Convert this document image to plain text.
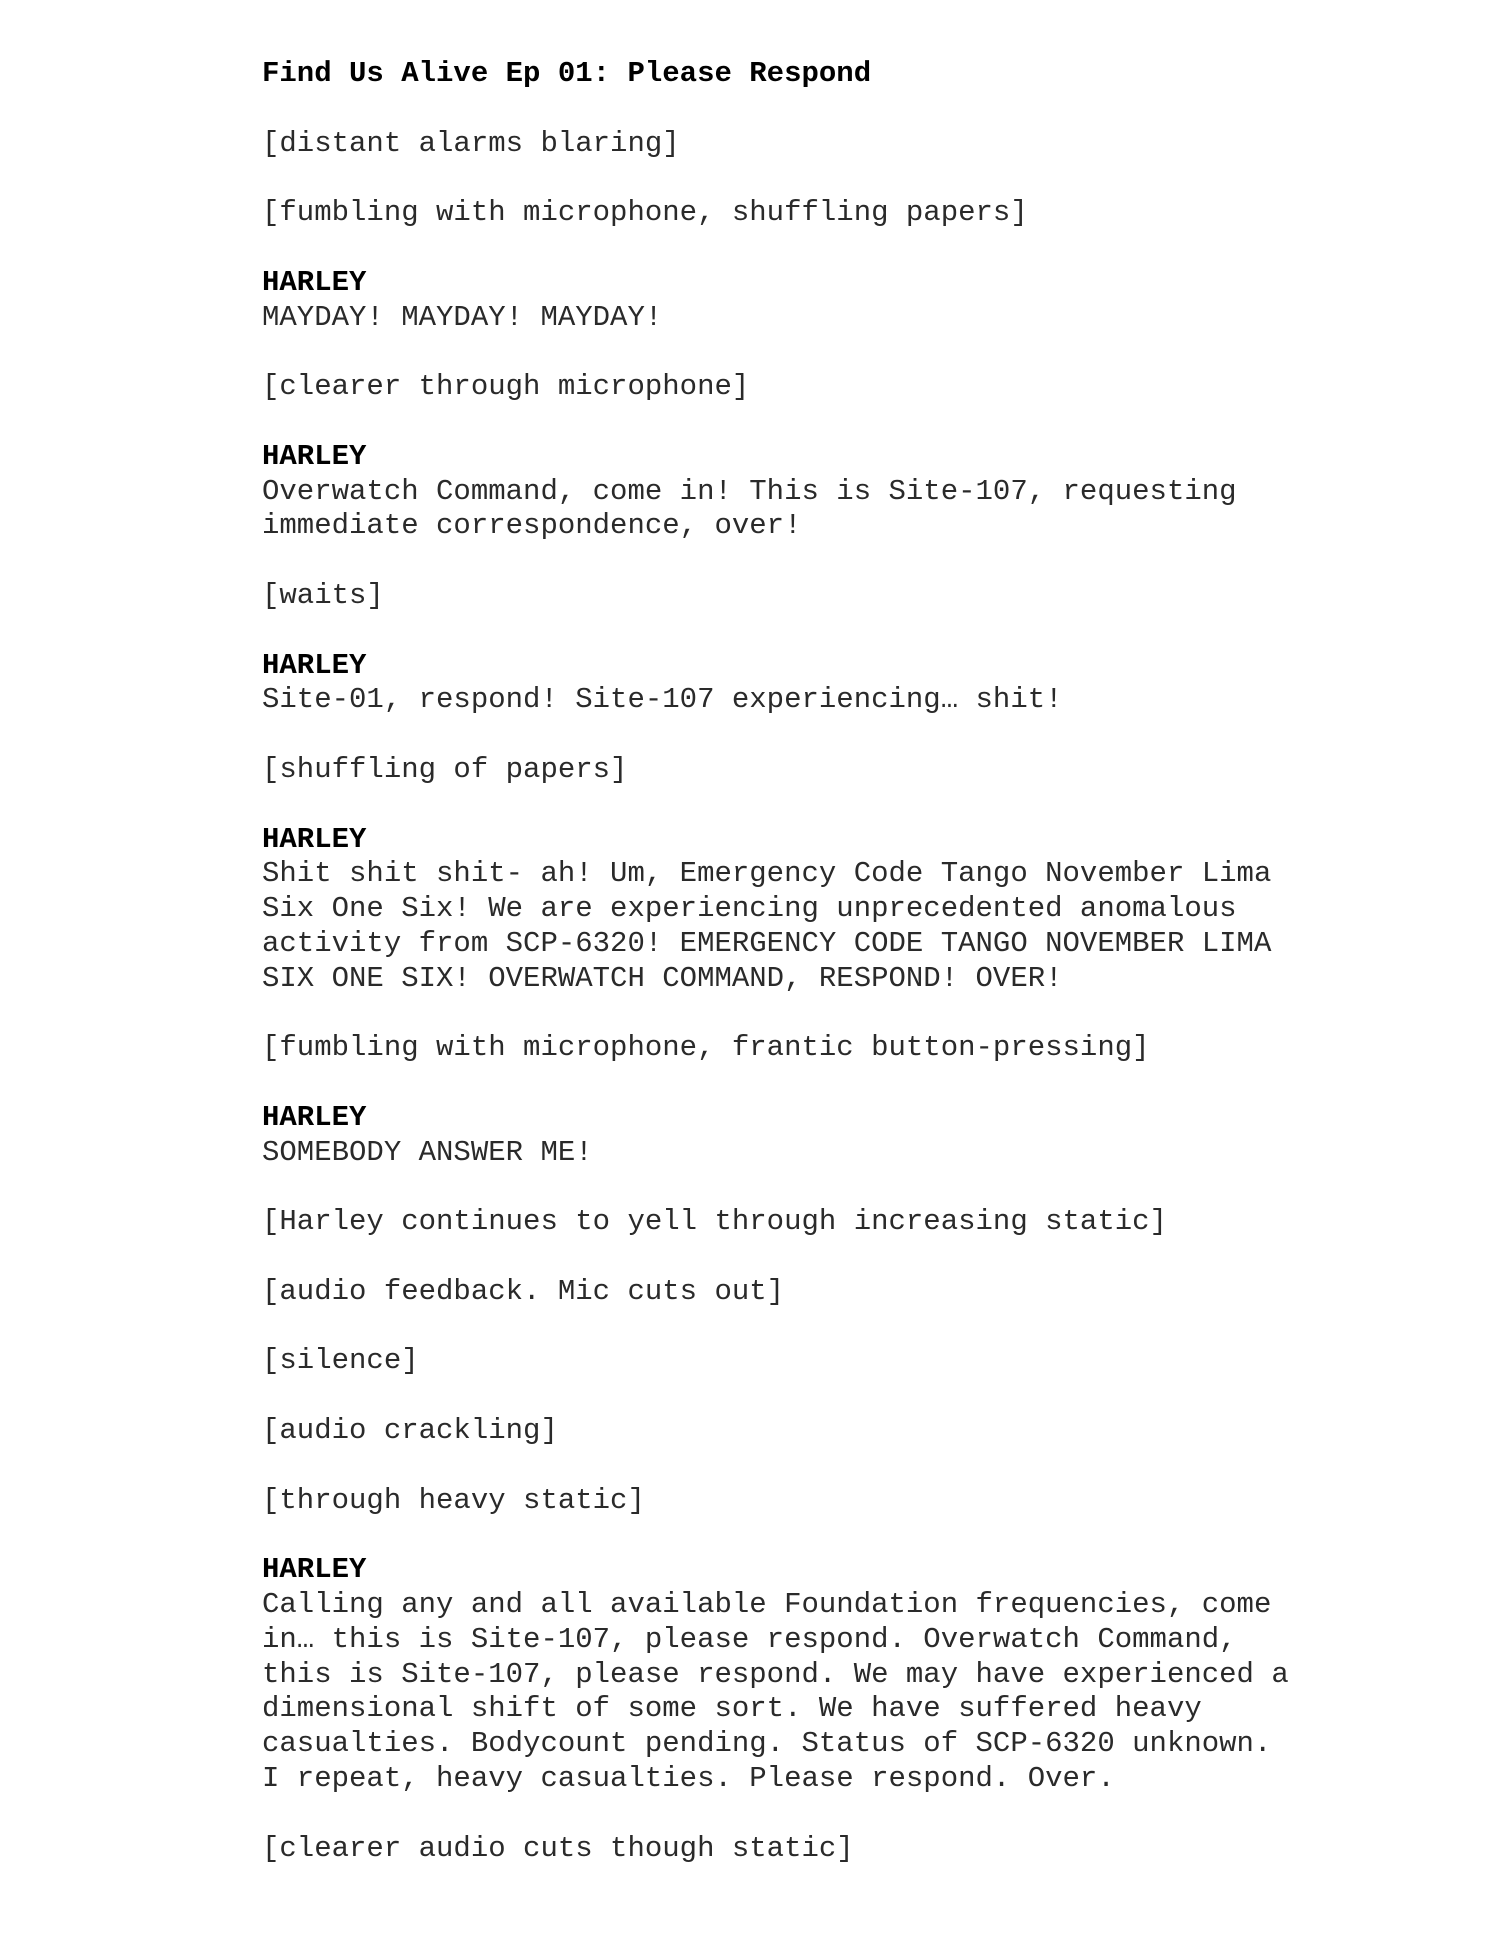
Find Us Alive Ep 01: Please Respond
[distant alarms blaring]
[fumbling with microphone, shuffling papers]
HARLEY
MAYDAY! MAYDAY! MAYDAY!
[clearer through microphone]
HARLEY
Overwatch Command, come in! This is Site-107, requesting
immediate correspondence, over!
[waits]
HARLEY
Site-01, respond! Site-107 experiencing… shit!
[shuffling of papers]
HARLEY
Shit shit shit- ah! Um, Emergency Code Tango November Lima
Six One Six! We are experiencing unprecedented anomalous
activity from SCP-6320! EMERGENCY CODE TANGO NOVEMBER LIMA
SIX ONE SIX! OVERWATCH COMMAND, RESPOND! OVER!
[fumbling with microphone, frantic button-pressing]
HARLEY
SOMEBODY ANSWER ME!
[Harley continues to yell through increasing static]
[audio feedback. Mic cuts out]
[silence]
[audio crackling]
[through heavy static]
HARLEY
Calling any and all available Foundation frequencies, come
in… this is Site-107, please respond. Overwatch Command,
this is Site-107, please respond. We may have experienced a
dimensional shift of some sort. We have suffered heavy
casualties. Bodycount pending. Status of SCP-6320 unknown.
I repeat, heavy casualties. Please respond. Over.
[clearer audio cuts though static]
